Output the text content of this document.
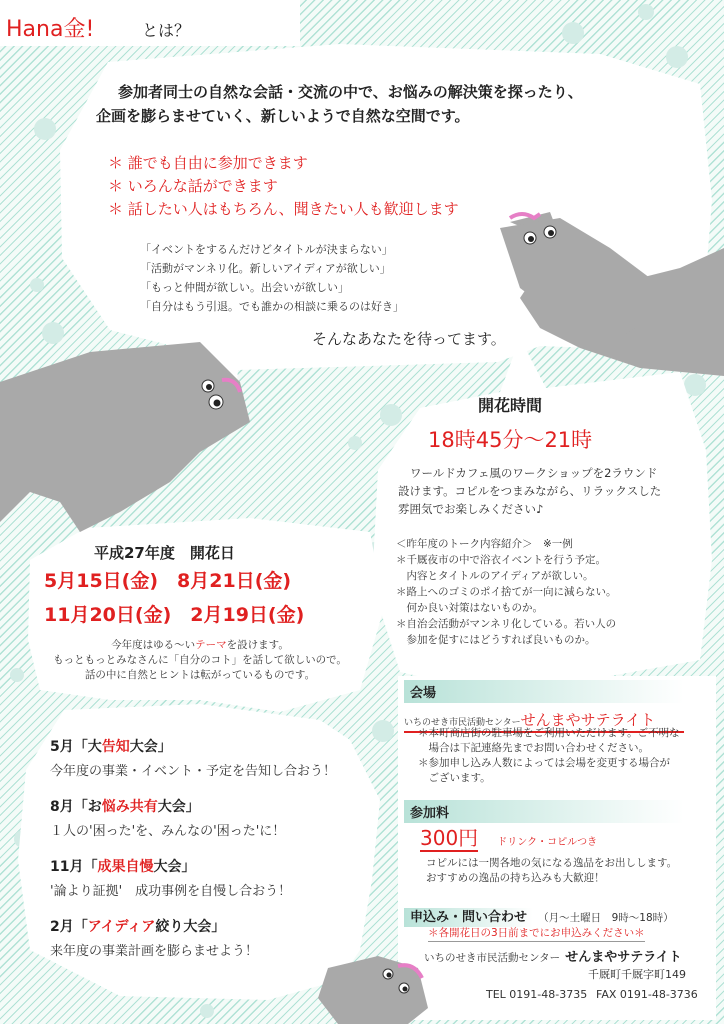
Hana金!	とは？

参加者同士の自然な会話・交流の中で、お悩みの解決策を探ったり、

企画を膨らませていく、新しいようで自然な空間です。

＊ 誰でも自由に参加できます
＊ いろんな話ができます
＊ 話したい人はもちろん、聞きたい人も歓迎します
「イベントをするんだけどタイトルが決まらない」
「活動がマンネリ化。新しいアイディアが欲しい」
「もっと仲間が欲しい。出会いが欲しい」
「自分はもう引退。でも誰かの相談に乗るのは好き」
そんなあなたを待ってます。
開花時間
18時45分〜21時
ワールドカフェ風のワークショップを2ラウンド
設けます。コピルをつまみながら、リラックスした
雰囲気でお楽しみください♪
＜昨年度のトーク内容紹介＞　※一例
＊千厩夜市の中で浴衣イベントを行う予定。
　内容とタイトルのアイディアが欲しい。
＊路上へのゴミのポイ捨てが一向に減らない。
　何か良い対策はないものか。
＊自治会活動がマンネリ化している。若い人の
　参加を促すにはどうすれば良いものか。
平成27年度　開花日
5月15日(金)　8月21日(金)
11月20日(金)　2月19日(金)
今年度はゆる〜いテーマを設けます。
もっともっとみなさんに「自分のコト」を話して欲しいので。
話の中に自然とヒントは転がっているものです。
5月「大告知大会」
今年度の事業・イベント・予定を告知し合おう！
8月「お悩み共有大会」
１人の'困った'を、みんなの'困った'に！
11月「成果自慢大会」
'論より証拠'　成功事例を自慢し合おう！
2月「アイディア絞り大会」
来年度の事業計画を膨らませよう！
会場
いちのせき市民活動センターせんまやサテライト
＊本町商店街の駐車場をご利用いただけます。ご不明な
　場合は下記連絡先までお問い合わせください。
＊参加申し込み人数によっては会場を変更する場合が
　ございます。
参加料
300円 ドリンク・コピルつき
コピルには一関各地の気になる逸品をお出しします。
おすすめの逸品の持ち込みも大歓迎！
申込み・問い合わせ （月〜土曜日　9時〜18時）
＊各開花日の3日前までにお申込みください＊
いちのせき市民活動センター せんまやサテライト
千厩町千厩字町149
TEL 0191-48-3735 FAX 0191-48-3736
